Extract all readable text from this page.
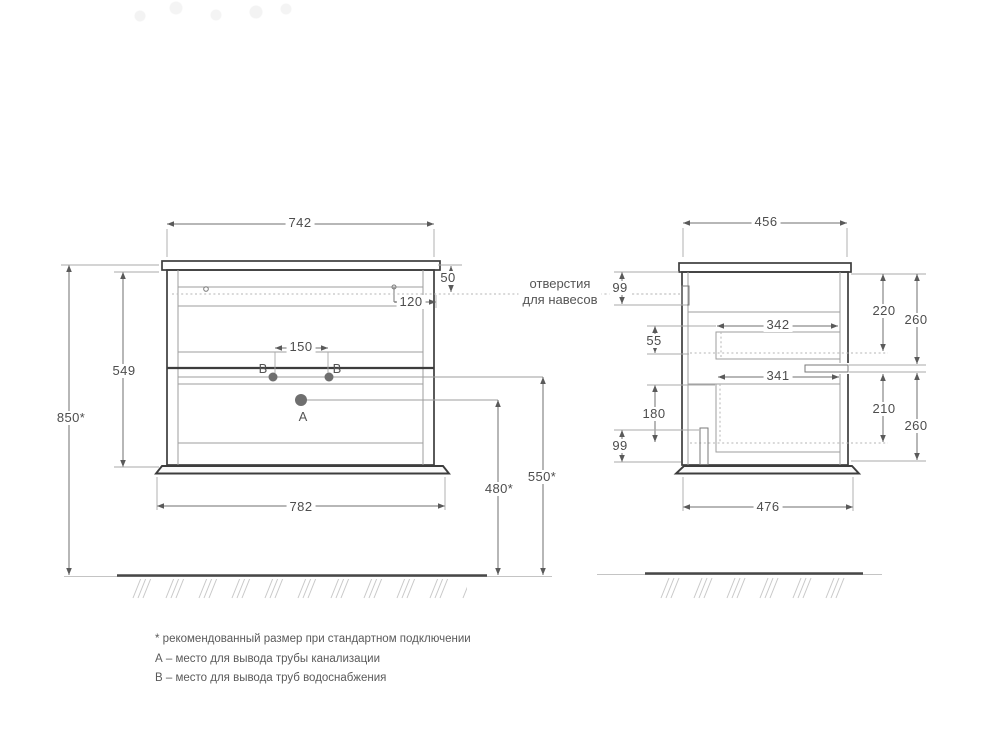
742
50
120
150
549
850*
480*
550*
782
B	B
A
456
99
55
342
341
180
99
476
220
260
210
260
отверстия
для навесов
* рекомендованный размер при стандартном подключении
А – место для вывода трубы канализации
В – место для вывода труб водоснабжения
